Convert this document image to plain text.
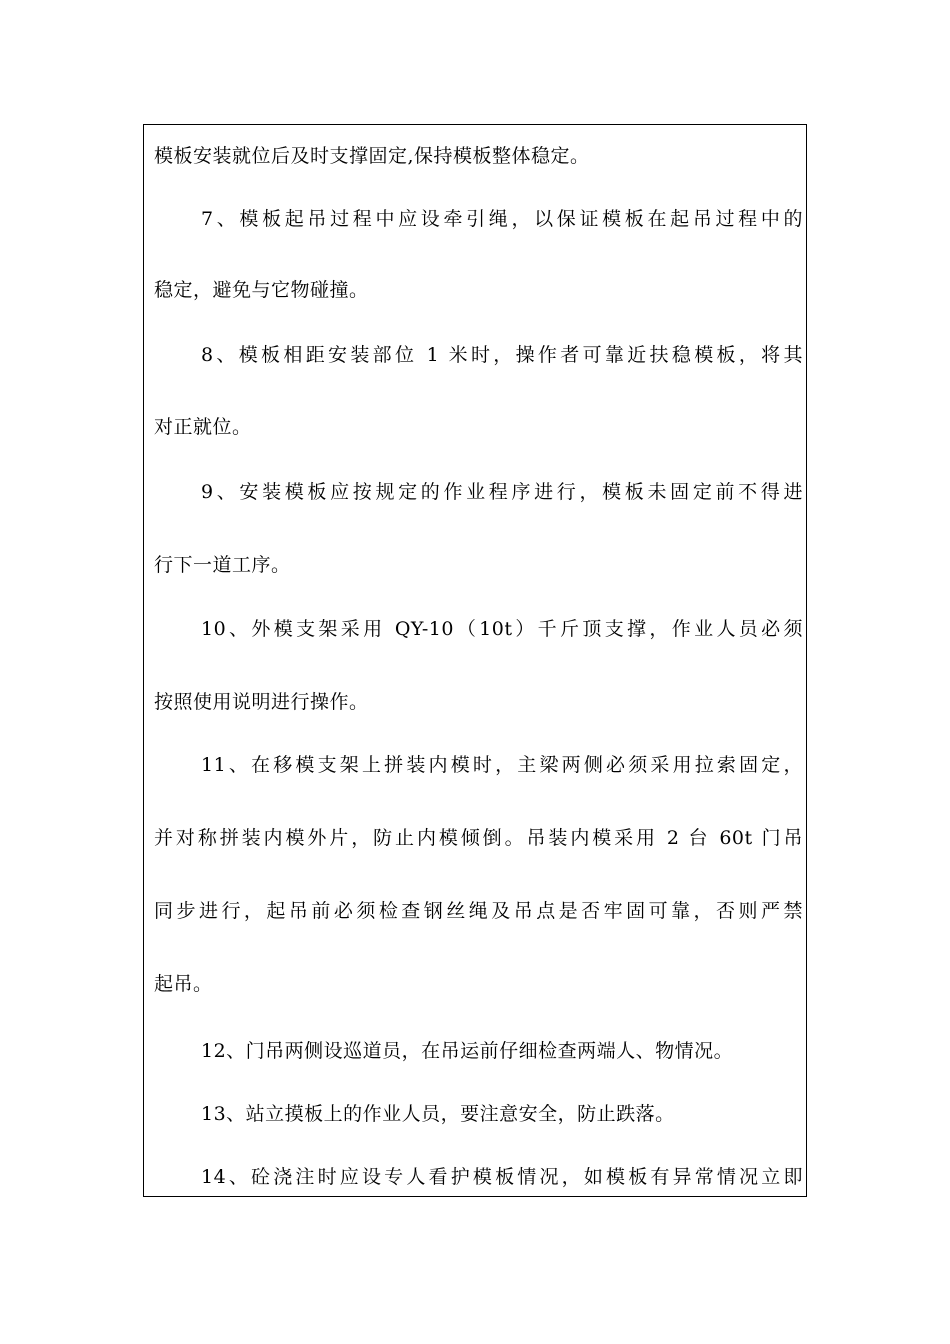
模板安装就位后及时支撑固定,保持模板整体稳定。
7、模板起吊过程中应设牵引绳，以保证模板在起吊过程中的
稳定，避免与它物碰撞。
8、模板相距安装部位 1 米时，操作者可靠近扶稳模板，将其
对正就位。
9、安装模板应按规定的作业程序进行，模板未固定前不得进
行下一道工序。
10、外模支架采用 QY-10（10t）千斤顶支撑，作业人员必须
按照使用说明进行操作。
11、在移模支架上拼装内模时，主梁两侧必须采用拉索固定，
并对称拼装内模外片，防止内模倾倒。吊装内模采用 2 台 60t 门吊
同步进行，起吊前必须检查钢丝绳及吊点是否牢固可靠，否则严禁
起吊。
12、门吊两侧设巡道员，在吊运前仔细检查两端人、物情况。
13、站立摸板上的作业人员，要注意安全，防止跌落。
14、砼浇注时应设专人看护模板情况，如模板有异常情况立即
